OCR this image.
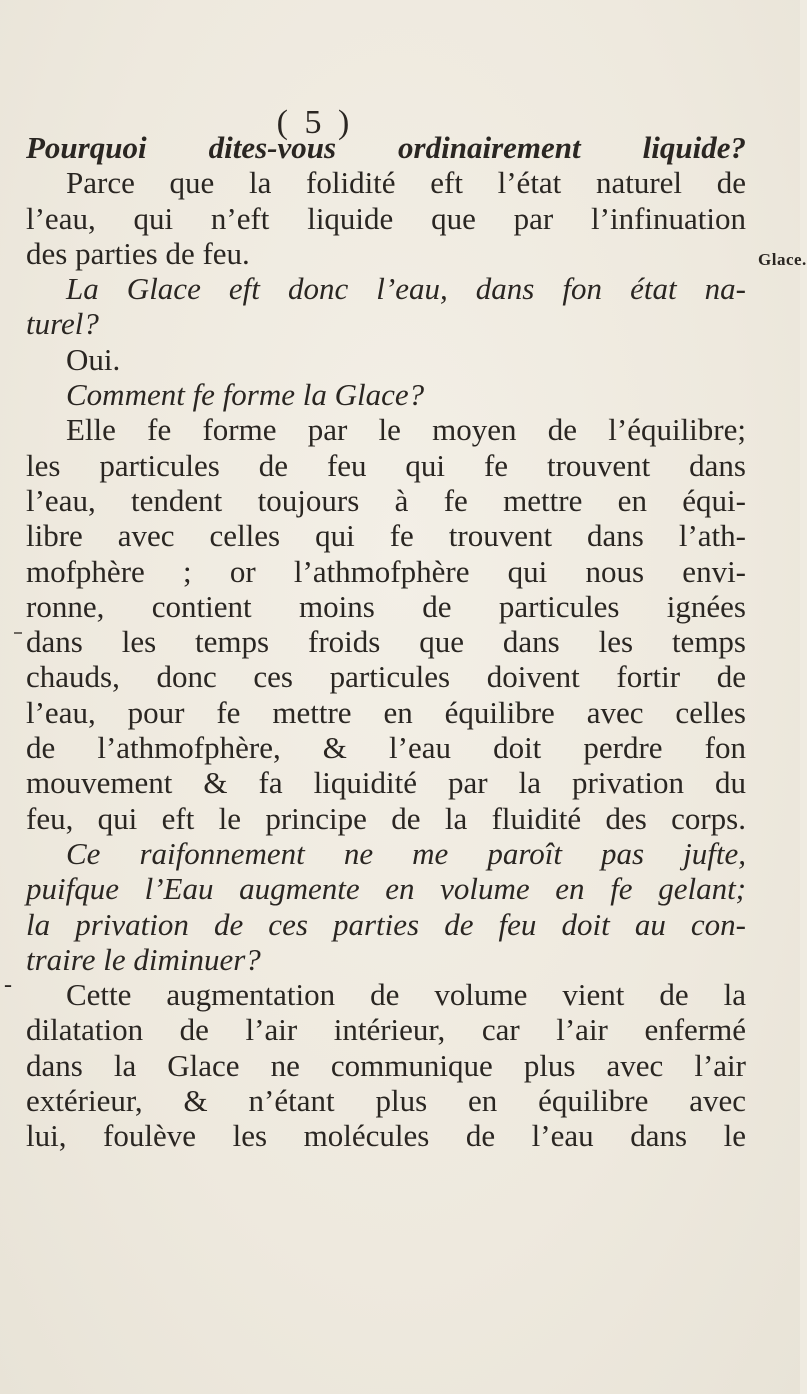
( 5 )
Glace.
-
Pourquoi dites-vous ordinairement liquide?
Parce que la folidité eft l’état naturel de
l’eau, qui n’eft liquide que par l’infinuation
des parties de feu.
La Glace eft donc l’eau, dans fon état na-
turel?
Oui.
Comment fe forme la Glace?
Elle fe forme par le moyen de l’équilibre;
les particules de feu qui fe trouvent dans
l’eau, tendent toujours à fe mettre en équi-
libre avec celles qui fe trouvent dans l’ath-
mofphère ; or l’athmofphère qui nous envi-
ronne, contient moins de particules ignées
dans les temps froids que dans les temps
chauds, donc ces particules doivent fortir de
l’eau, pour fe mettre en équilibre avec celles
de l’athmofphère, & l’eau doit perdre fon
mouvement & fa liquidité par la privation du
feu, qui eft le principe de la fluidité des corps.
Ce raifonnement ne me paroît pas jufte,
puifque l’Eau augmente en volume en fe gelant;
la privation de ces parties de feu doit au con-
traire le diminuer?
Cette augmentation de volume vient de la
dilatation de l’air intérieur, car l’air enfermé
dans la Glace ne communique plus avec l’air
extérieur, & n’étant plus en équilibre avec
lui, foulève les molécules de l’eau dans le
